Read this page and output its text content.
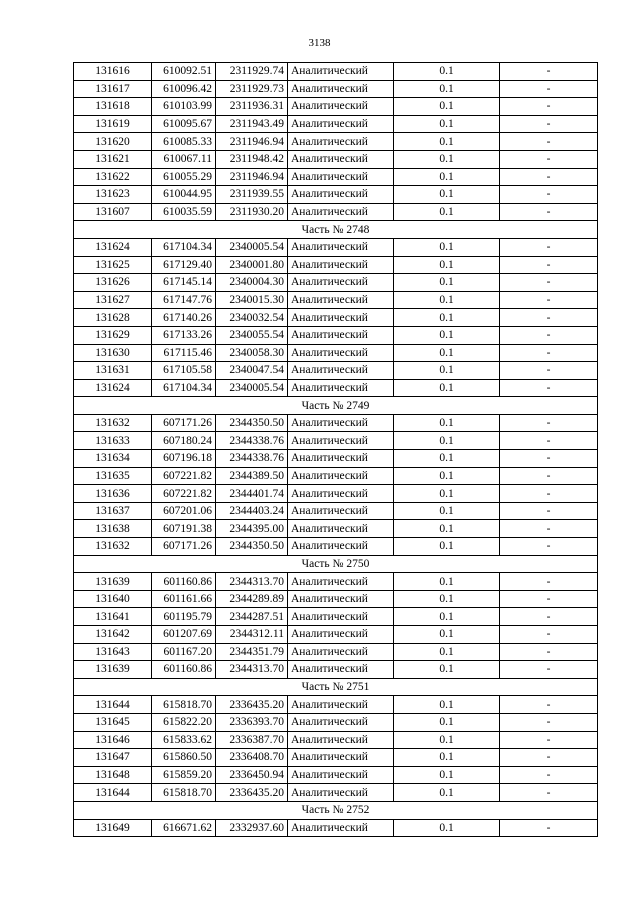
3138
131616	610092.51	2311929.74	Аналитический	0.1	-
131617	610096.42	2311929.73	Аналитический	0.1	-
131618	610103.99	2311936.31	Аналитический	0.1	-
131619	610095.67	2311943.49	Аналитический	0.1	-
131620	610085.33	2311946.94	Аналитический	0.1	-
131621	610067.11	2311948.42	Аналитический	0.1	-
131622	610055.29	2311946.94	Аналитический	0.1	-
131623	610044.95	2311939.55	Аналитический	0.1	-
131607	610035.59	2311930.20	Аналитический	0.1	-
Часть № 2748					
131624	617104.34	2340005.54	Аналитический	0.1	-
131625	617129.40	2340001.80	Аналитический	0.1	-
131626	617145.14	2340004.30	Аналитический	0.1	-
131627	617147.76	2340015.30	Аналитический	0.1	-
131628	617140.26	2340032.54	Аналитический	0.1	-
131629	617133.26	2340055.54	Аналитический	0.1	-
131630	617115.46	2340058.30	Аналитический	0.1	-
131631	617105.58	2340047.54	Аналитический	0.1	-
131624	617104.34	2340005.54	Аналитический	0.1	-
Часть № 2749					
131632	607171.26	2344350.50	Аналитический	0.1	-
131633	607180.24	2344338.76	Аналитический	0.1	-
131634	607196.18	2344338.76	Аналитический	0.1	-
131635	607221.82	2344389.50	Аналитический	0.1	-
131636	607221.82	2344401.74	Аналитический	0.1	-
131637	607201.06	2344403.24	Аналитический	0.1	-
131638	607191.38	2344395.00	Аналитический	0.1	-
131632	607171.26	2344350.50	Аналитический	0.1	-
Часть № 2750					
131639	601160.86	2344313.70	Аналитический	0.1	-
131640	601161.66	2344289.89	Аналитический	0.1	-
131641	601195.79	2344287.51	Аналитический	0.1	-
131642	601207.69	2344312.11	Аналитический	0.1	-
131643	601167.20	2344351.79	Аналитический	0.1	-
131639	601160.86	2344313.70	Аналитический	0.1	-
Часть № 2751					
131644	615818.70	2336435.20	Аналитический	0.1	-
131645	615822.20	2336393.70	Аналитический	0.1	-
131646	615833.62	2336387.70	Аналитический	0.1	-
131647	615860.50	2336408.70	Аналитический	0.1	-
131648	615859.20	2336450.94	Аналитический	0.1	-
131644	615818.70	2336435.20	Аналитический	0.1	-
Часть № 2752					
131649	616671.62	2332937.60	Аналитический	0.1	-
